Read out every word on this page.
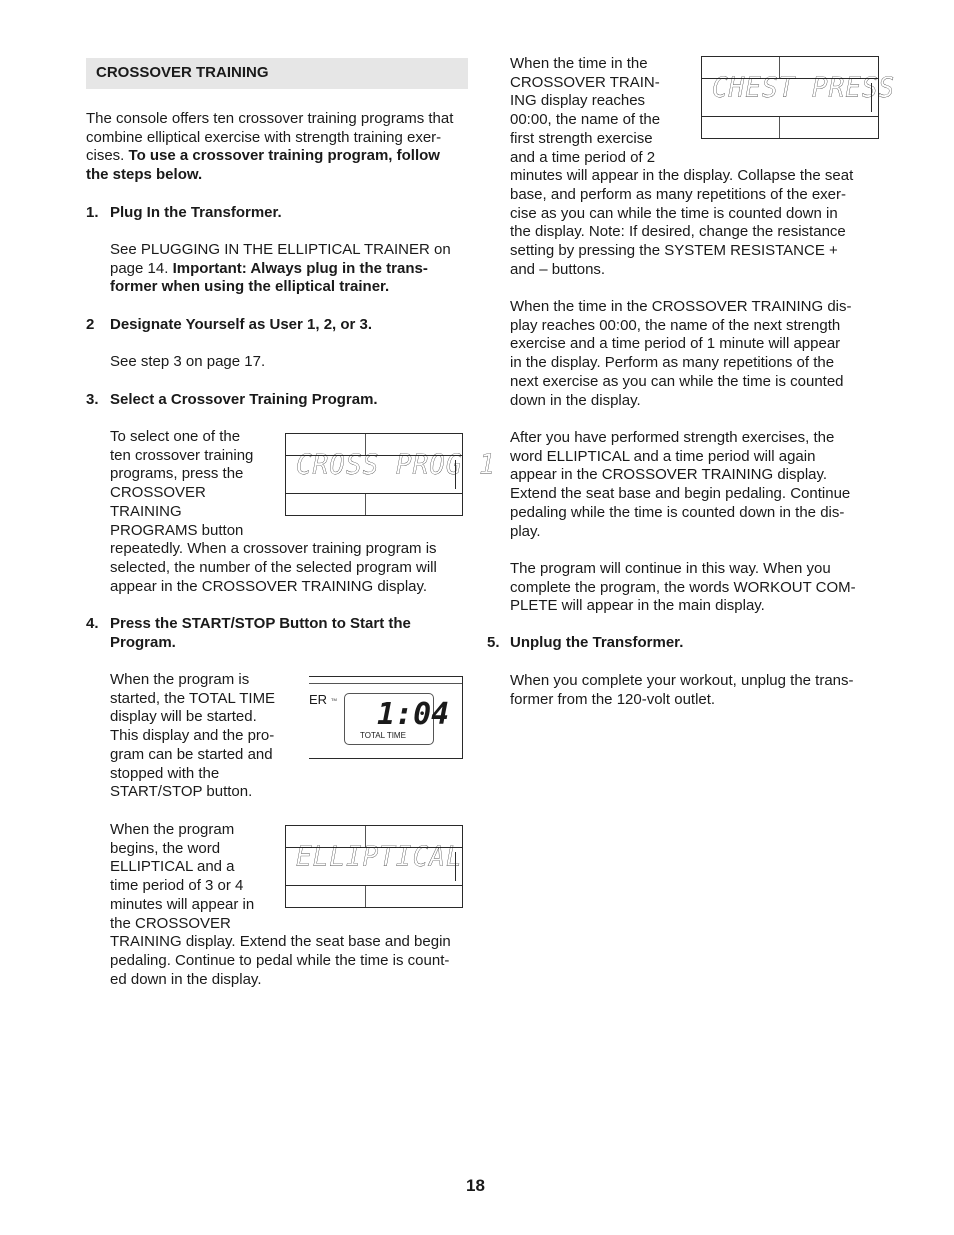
CROSSOVER TRAINING

The console offers ten crossover training programs that

combine elliptical exercise with strength training exer-

cises. To use a crossover training program, follow

the steps below.

1. Plug In the Transformer.

See PLUGGING IN THE ELLIPTICAL TRAINER on

page 14. Important: Always plug in the trans-

former when using the elliptical trainer.

2 Designate Yourself as User 1, 2, or 3.
See step 3 on page 17.
3. Select a Crossover Training Program.

To select one of the

ten crossover training

programs, press the

CROSSOVER

TRAINING

PROGRAMS button

repeatedly. When a crossover training program is

selected, the number of the selected program will

appear in the CROSSOVER TRAINING display.

CROSS PROG 1
4. Press the START/STOP Button to Start the

Program.

When the program is

started, the TOTAL TIME

display will be started.

This display and the pro-

gram can be started and

stopped with the

START/STOP button.

ER TM 1:04
TOTAL TIME

When the program

begins, the word

ELLIPTICAL and a

time period of 3 or 4

minutes will appear in

the CROSSOVER

TRAINING display. Extend the seat base and begin

pedaling. Continue to pedal while the time is count-

ed down in the display.

ELLIPTICAL

When the time in the

CROSSOVER TRAIN-

ING display reaches

00:00, the name of the

first strength exercise

and a time period of 2

minutes will appear in the display. Collapse the seat

base, and perform as many repetitions of the exer-

cise as you can while the time is counted down in

the display. Note: If desired, change the resistance

setting by pressing the SYSTEM RESISTANCE +

and – buttons.

CHEST PRESS

When the time in the CROSSOVER TRAINING dis-

play reaches 00:00, the name of the next strength

exercise and a time period of 1 minute will appear

in the display. Perform as many repetitions of the

next exercise as you can while the time is counted

down in the display.

After you have performed strength exercises, the

word ELLIPTICAL and a time period will again

appear in the CROSSOVER TRAINING display.

Extend the seat base and begin pedaling. Continue

pedaling while the time is counted down in the dis-

play.

The program will continue in this way. When you

complete the program, the words WORKOUT COM-

PLETE will appear in the main display.

5. Unplug the Transformer.

When you complete your workout, unplug the trans-

former from the 120-volt outlet.

18
